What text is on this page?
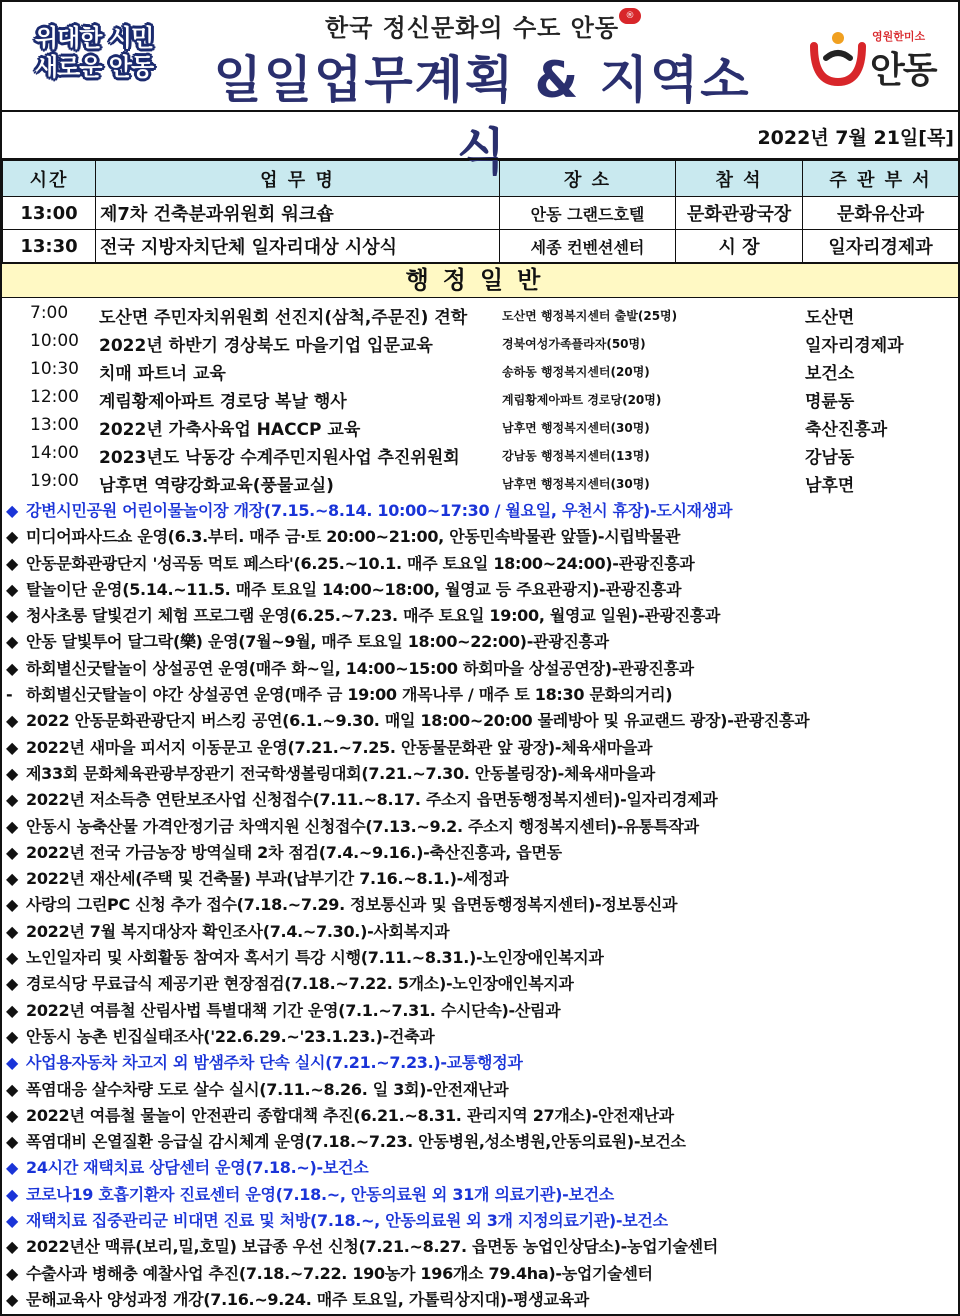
위대한 시민
새로운 안동
한국 정신문화의 수도 안동 ®
일일업무계획 & 지역소식
영원한미소
안동
2022년 7월 21일[목]
시간	업 무 명	장 소	참 석	주 관 부 서
13:00	제7차 건축분과위원회 워크숍	안동 그랜드호텔	문화관광국장	문화유산과
13:30	전국 지방자치단체 일자리대상 시상식	세종 컨벤션센터	시 장	일자리경제과
행정일반
7:00 도산면 주민자치위원회 선진지(삼척,주문진) 견학	도산면 행정복지센터 출발(25명)	도산면
10:00 2022년 하반기 경상북도 마을기업 입문교육	경북여성가족플라자(50명)	일자리경제과
10:30 치매 파트너 교육	송하동 행정복지센터(20명)	보건소
12:00 계림황제아파트 경로당 복날 행사	계림황제아파트 경로당(20명)	명륜동
13:00 2022년 가축사육업 HACCP 교육	남후면 행정복지센터(30명)	축산진흥과
14:00 2023년도 낙동강 수계주민지원사업 추진위원회	강남동 행정복지센터(13명)	강남동
19:00 남후면 역량강화교육(풍물교실)	남후면 행정복지센터(30명)	남후면
◆ 강변시민공원 어린이물놀이장 개장(7.15.~8.14. 10:00~17:30 / 월요일, 우천시 휴장)-도시재생과
◆ 미디어파사드쇼 운영(6.3.부터. 매주 금·토 20:00~21:00, 안동민속박물관 앞뜰)-시립박물관
◆ 안동문화관광단지 '성곡동 먹토 페스타'(6.25.~10.1. 매주 토요일 18:00~24:00)-관광진흥과
◆ 탈놀이단 운영(5.14.~11.5. 매주 토요일 14:00~18:00, 월영교 등 주요관광지)-관광진흥과
◆ 청사초롱 달빛걷기 체험 프로그램 운영(6.25.~7.23. 매주 토요일 19:00, 월영교 일원)-관광진흥과
◆ 안동 달빛투어 달그락(樂) 운영(7월~9월, 매주 토요일 18:00~22:00)-관광진흥과
◆ 하회별신굿탈놀이 상설공연 운영(매주 화~일, 14:00~15:00 하회마을 상설공연장)-관광진흥과
- 하회별신굿탈놀이 야간 상설공연 운영(매주 금 19:00 개목나루 / 매주 토 18:30 문화의거리)
◆ 2022 안동문화관광단지 버스킹 공연(6.1.~9.30. 매일 18:00~20:00 물레방아 및 유교랜드 광장)-관광진흥과
◆ 2022년 새마을 피서지 이동문고 운영(7.21.~7.25. 안동물문화관 앞 광장)-체육새마을과
◆ 제33회 문화체육관광부장관기 전국학생볼링대회(7.21.~7.30. 안동볼링장)-체육새마을과
◆ 2022년 저소득층 연탄보조사업 신청접수(7.11.~8.17. 주소지 읍면동행정복지센터)-일자리경제과
◆ 안동시 농축산물 가격안정기금 차액지원 신청접수(7.13.~9.2. 주소지 행정복지센터)-유통특작과
◆ 2022년 전국 가금농장 방역실태 2차 점검(7.4.~9.16.)-축산진흥과, 읍면동
◆ 2022년 재산세(주택 및 건축물) 부과(납부기간 7.16.~8.1.)-세정과
◆ 사랑의 그린PC 신청 추가 접수(7.18.~7.29. 정보통신과 및 읍면동행정복지센터)-정보통신과
◆ 2022년 7월 복지대상자 확인조사(7.4.~7.30.)-사회복지과
◆ 노인일자리 및 사회활동 참여자 혹서기 특강 시행(7.11.~8.31.)-노인장애인복지과
◆ 경로식당 무료급식 제공기관 현장점검(7.18.~7.22. 5개소)-노인장애인복지과
◆ 2022년 여름철 산림사법 특별대책 기간 운영(7.1.~7.31. 수시단속)-산림과
◆ 안동시 농촌 빈집실태조사('22.6.29.~'23.1.23.)-건축과
◆ 사업용자동차 차고지 외 밤샘주차 단속 실시(7.21.~7.23.)-교통행정과
◆ 폭염대응 살수차량 도로 살수 실시(7.11.~8.26. 일 3회)-안전재난과
◆ 2022년 여름철 물놀이 안전관리 종합대책 추진(6.21.~8.31. 관리지역 27개소)-안전재난과
◆ 폭염대비 온열질환 응급실 감시체계 운영(7.18.~7.23. 안동병원,성소병원,안동의료원)-보건소
◆ 24시간 재택치료 상담센터 운영(7.18.~)-보건소
◆ 코로나19 호흡기환자 진료센터 운영(7.18.~, 안동의료원 외 31개 의료기관)-보건소
◆ 재택치료 집중관리군 비대면 진료 및 처방(7.18.~, 안동의료원 외 3개 지정의료기관)-보건소
◆ 2022년산 맥류(보리,밀,호밀) 보급종 우선 신청(7.21.~8.27. 읍면동 농업인상담소)-농업기술센터
◆ 수출사과 병해충 예찰사업 추진(7.18.~7.22. 190농가 196개소 79.4ha)-농업기술센터
◆ 문해교육사 양성과정 개강(7.16.~9.24. 매주 토요일, 가톨릭상지대)-평생교육과
